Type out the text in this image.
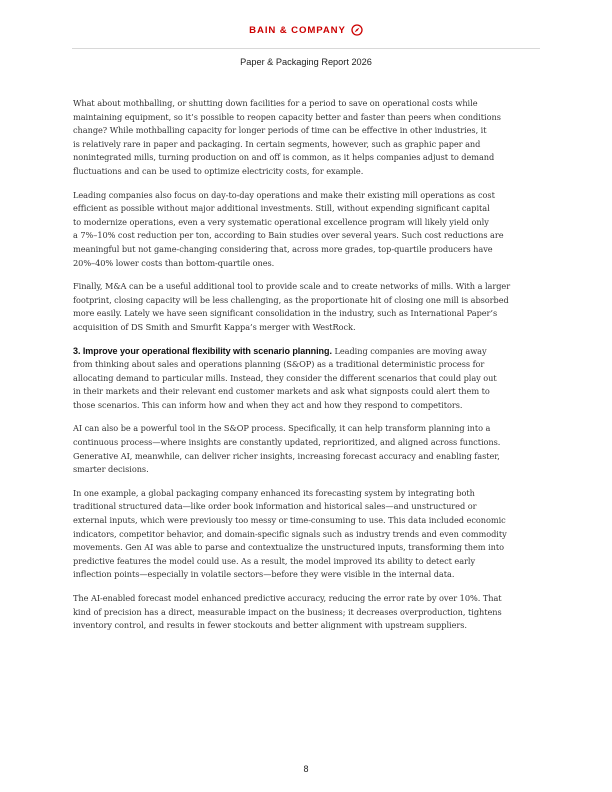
BAIN & COMPANY
Paper & Packaging Report 2026

What about mothballing, or shutting down facilities for a period to save on operational costs while
maintaining equipment, so it’s possible to reopen capacity better and faster than peers when conditions
change? While mothballing capacity for longer periods of time can be effective in other industries, it
is relatively rare in paper and packaging. In certain segments, however, such as graphic paper and
nonintegrated mills, turning production on and off is common, as it helps companies adjust to demand
fluctuations and can be used to optimize electricity costs, for example.

Leading companies also focus on day-to-day operations and make their existing mill operations as cost
efficient as possible without major additional investments. Still, without expending significant capital
to modernize operations, even a very systematic operational excellence program will likely yield only
a 7%–10% cost reduction per ton, according to Bain studies over several years. Such cost reductions are
meaningful but not game-changing considering that, across more grades, top-quartile producers have
20%–40% lower costs than bottom-quartile ones.

Finally, M&A can be a useful additional tool to provide scale and to create networks of mills. With a larger
footprint, closing capacity will be less challenging, as the proportionate hit of closing one mill is absorbed
more easily. Lately we have seen significant consolidation in the industry, such as International Paper’s
acquisition of DS Smith and Smurfit Kappa’s merger with WestRock.

3. Improve your operational flexibility with scenario planning. Leading companies are moving away
from thinking about sales and operations planning (S&OP) as a traditional deterministic process for
allocating demand to particular mills. Instead, they consider the different scenarios that could play out
in their markets and their relevant end customer markets and ask what signposts could alert them to
those scenarios. This can inform how and when they act and how they respond to competitors.

AI can also be a powerful tool in the S&OP process. Specifically, it can help transform planning into a
continuous process—where insights are constantly updated, reprioritized, and aligned across functions.
Generative AI, meanwhile, can deliver richer insights, increasing forecast accuracy and enabling faster,
smarter decisions.

In one example, a global packaging company enhanced its forecasting system by integrating both
traditional structured data—like order book information and historical sales—and unstructured or
external inputs, which were previously too messy or time-consuming to use. This data included economic
indicators, competitor behavior, and domain-specific signals such as industry trends and even commodity
movements. Gen AI was able to parse and contextualize the unstructured inputs, transforming them into
predictive features the model could use. As a result, the model improved its ability to detect early
inflection points—especially in volatile sectors—before they were visible in the internal data.

The AI-enabled forecast model enhanced predictive accuracy, reducing the error rate by over 10%. That
kind of precision has a direct, measurable impact on the business; it decreases overproduction, tightens
inventory control, and results in fewer stockouts and better alignment with upstream suppliers.

8
